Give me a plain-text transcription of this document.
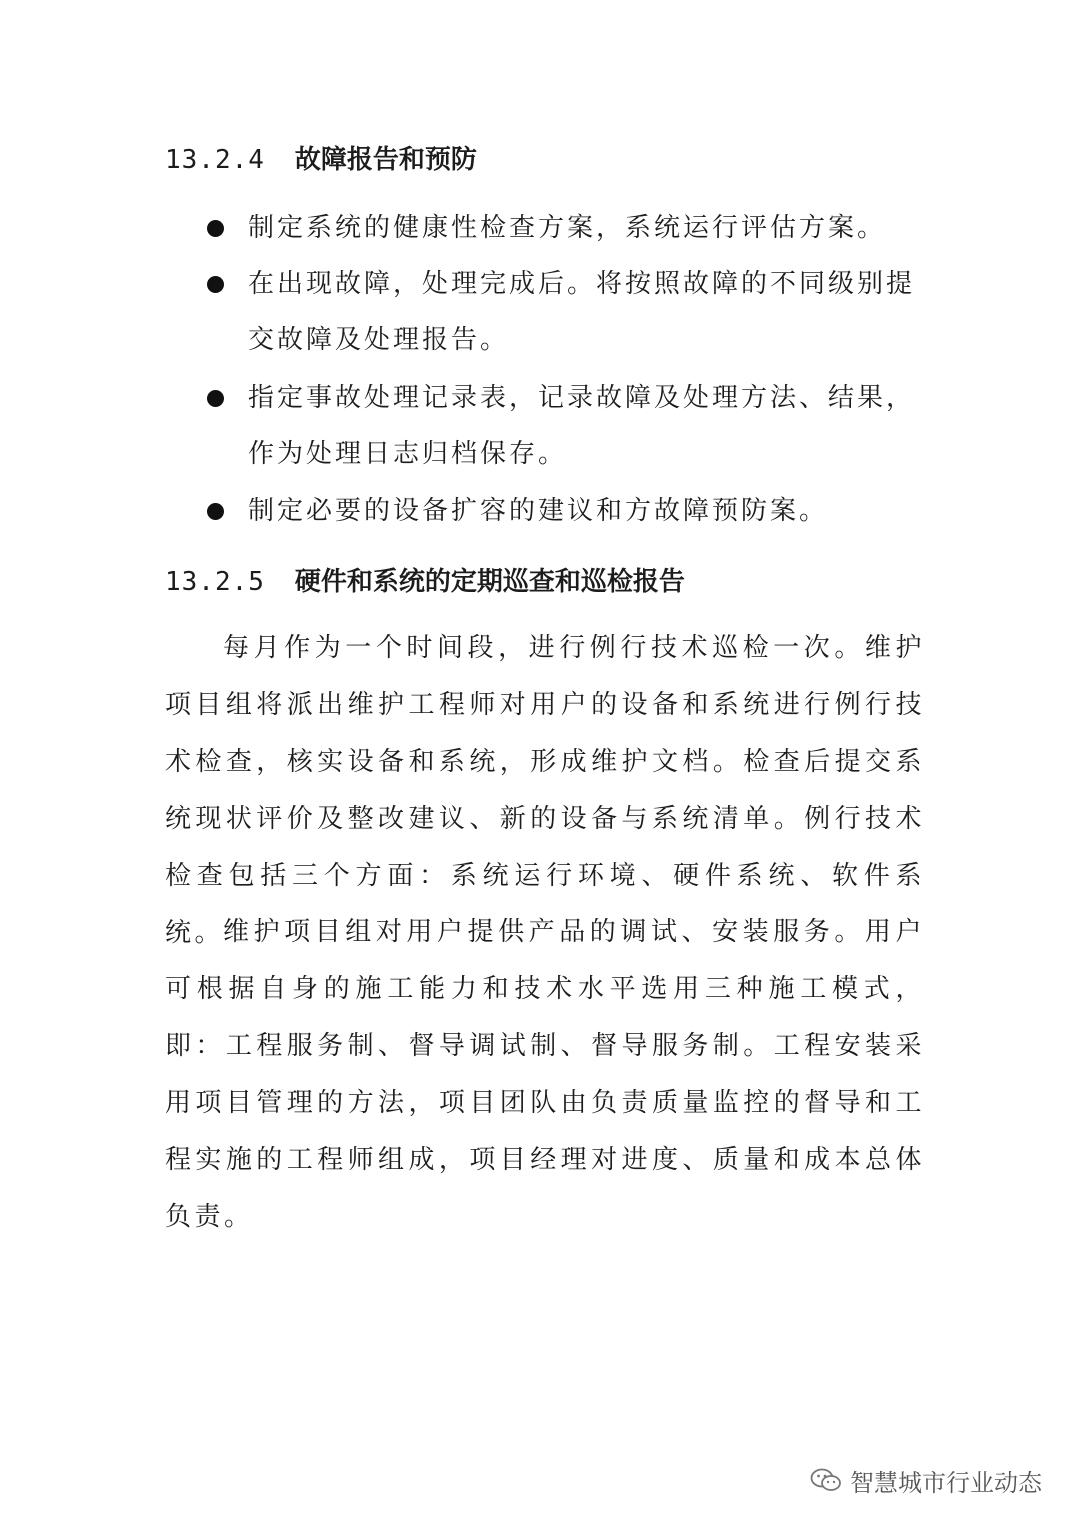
13.2.4 故障报告和预防
制定系统的健康性检查方案，系统运行评估方案。
在出现故障，处理完成后。将按照故障的不同级别提
交故障及处理报告。
指定事故处理记录表，记录故障及处理方法、结果，
作为处理日志归档保存。
制定必要的设备扩容的建议和方故障预防案。
13.2.5 硬件和系统的定期巡查和巡检报告

每月作为一个时间段，进行例行技术巡检一次。维护项目组将派出维护工程师对用户的设备和系统进行例行技术检查，核实设备和系统，形成维护文档。检查后提交系统现状评价及整改建议、新的设备与系统清单。例行技术检查包括三个方面：系统运行环境、硬件系统、软件系统。

维护项目组对用户提供产品的调试、安装服务。用户可根据自身的施工能力和技术水平选用三种施工模式，即：工程服务制、督导调试制、督导服务制。工程安装采用项目管理的方法，项目团队由负责质量监控的督导和工程实施的工程师组成，项目经理对进度、质量和成本总体负责。

智慧城市行业动态
